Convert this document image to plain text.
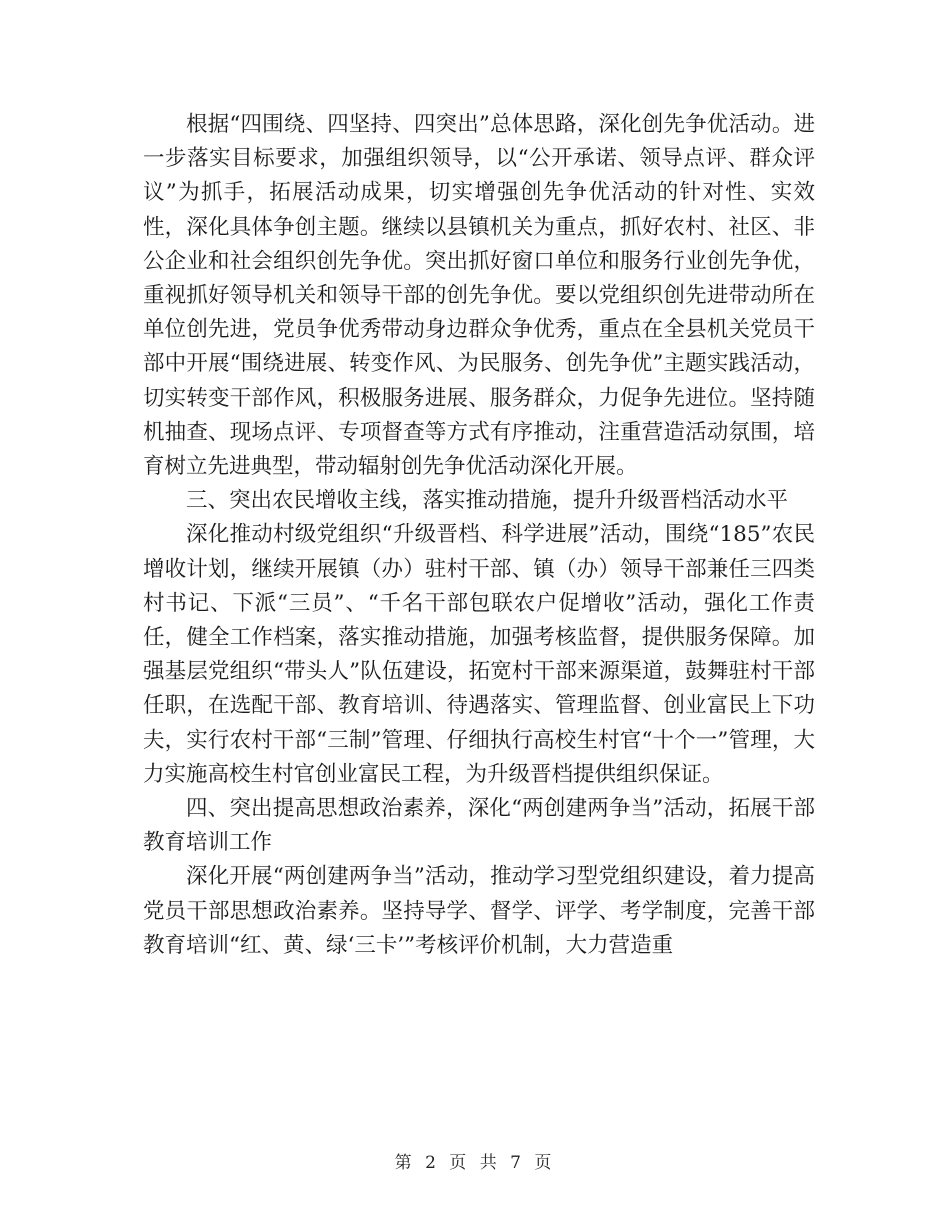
根据“四围绕、四坚持、四突出”总体思路，深化创先争优活动。进一步落实目标要求，加强组织领导，以“公开承诺、领导点评、群众评议”为抓手，拓展活动成果，切实增强创先争优活动的针对性、实效性，深化具体争创主题。继续以县镇机关为重点，抓好农村、社区、非公企业和社会组织创先争优。突出抓好窗口单位和服务行业创先争优，重视抓好领导机关和领导干部的创先争优。要以党组织创先进带动所在单位创先进，党员争优秀带动身边群众争优秀，重点在全县机关党员干部中开展“围绕进展、转变作风、为民服务、创先争优”主题实践活动，切实转变干部作风，积极服务进展、服务群众，力促争先进位。坚持随机抽查、现场点评、专项督查等方式有序推动，注重营造活动氛围，培育树立先进典型，带动辐射创先争优活动深化开展。

三、突出农民增收主线，落实推动措施，提升升级晋档活动水平

深化推动村级党组织“升级晋档、科学进展”活动，围绕“185”农民增收计划，继续开展镇（办）驻村干部、镇（办）领导干部兼任三四类村书记、下派“三员”、“千名干部包联农户促增收”活动，强化工作责任，健全工作档案，落实推动措施，加强考核监督，提供服务保障。加强基层党组织“带头人”队伍建设，拓宽村干部来源渠道，鼓舞驻村干部任职，在选配干部、教育培训、待遇落实、管理监督、创业富民上下功夫，实行农村干部“三制”管理、仔细执行高校生村官“十个一”管理，大力实施高校生村官创业富民工程，为升级晋档提供组织保证。

四、突出提高思想政治素养，深化“两创建两争当”活动，拓展干部教育培训工作

深化开展“两创建两争当”活动，推动学习型党组织建设，着力提高党员干部思想政治素养。坚持导学、督学、评学、考学制度，完善干部教育培训“红、黄、绿‘三卡’”考核评价机制，大力营造重

第 2 页 共 7 页
